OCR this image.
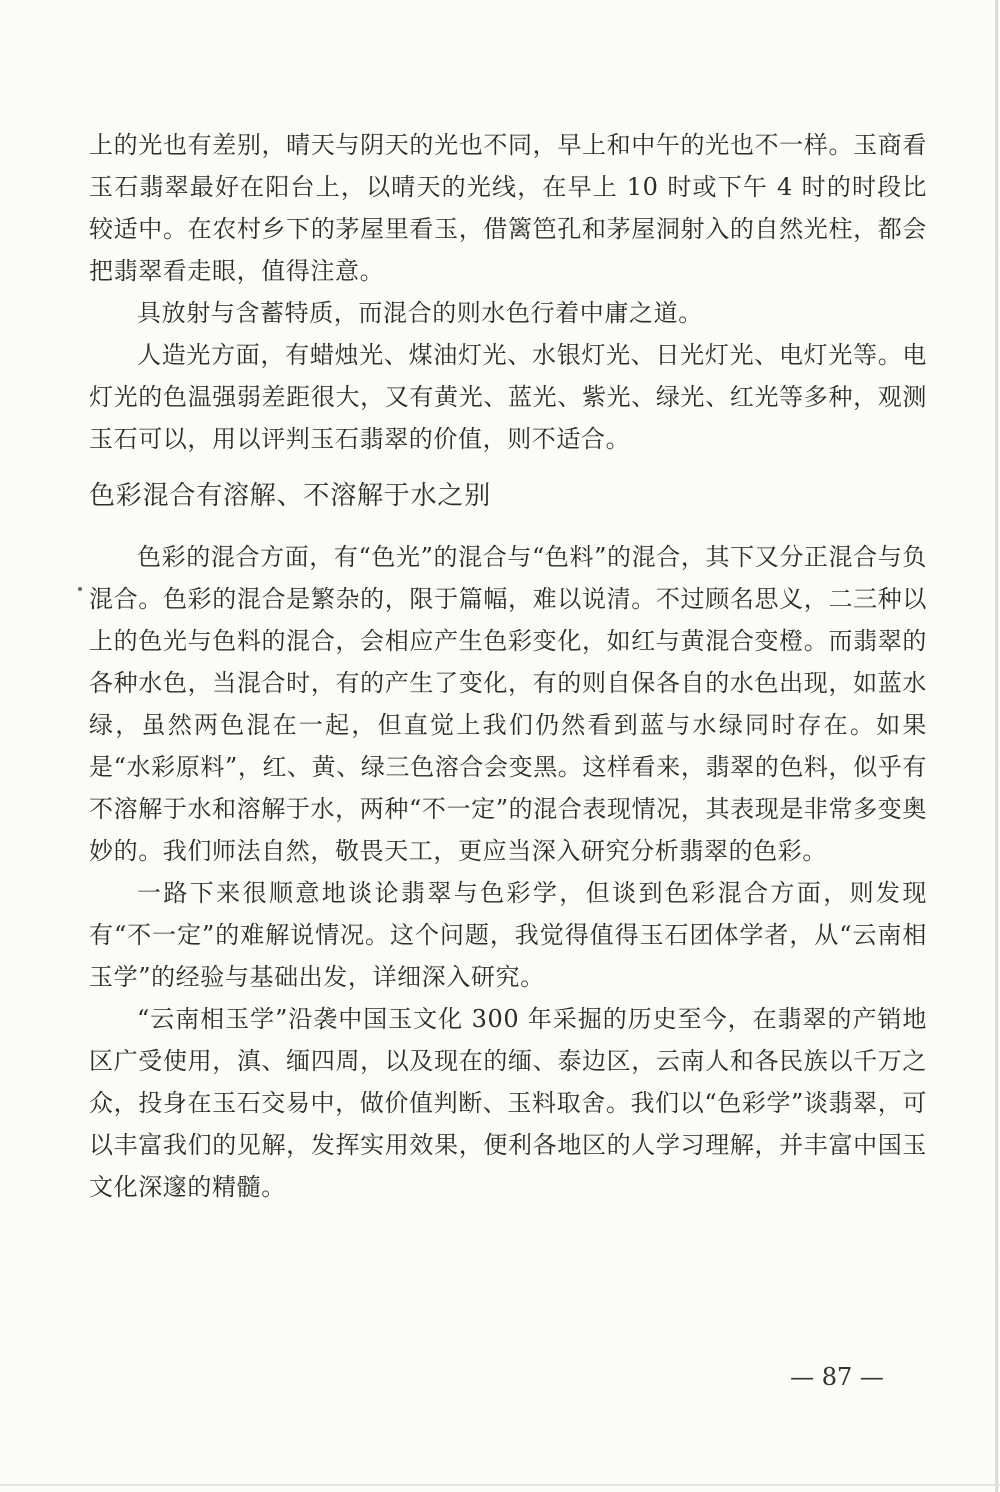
上的光也有差别，晴天与阴天的光也不同，早上和中午的光也不一样。玉商看玉石翡翠最好在阳台上，以晴天的光线，在早上 10 时或下午 4 时的时段比较适中。在农村乡下的茅屋里看玉，借篱笆孔和茅屋洞射入的自然光柱，都会把翡翠看走眼，值得注意。

具放射与含蓄特质，而混合的则水色行着中庸之道。

人造光方面，有蜡烛光、煤油灯光、水银灯光、日光灯光、电灯光等。电灯光的色温强弱差距很大，又有黄光、蓝光、紫光、绿光、红光等多种，观测玉石可以，用以评判玉石翡翠的价值，则不适合。

色彩混合有溶解、不溶解于水之别

色彩的混合方面，有“色光”的混合与“色料”的混合，其下又分正混合与负混合。色彩的混合是繁杂的，限于篇幅，难以说清。不过顾名思义，二三种以上的色光与色料的混合，会相应产生色彩变化，如红与黄混合变橙。而翡翠的各种水色，当混合时，有的产生了变化，有的则自保各自的水色出现，如蓝水绿，虽然两色混在一起，但直觉上我们仍然看到蓝与水绿同时存在。如果是“水彩原料”，红、黄、绿三色溶合会变黑。这样看来，翡翠的色料，似乎有不溶解于水和溶解于水，两种“不一定”的混合表现情况，其表现是非常多变奥妙的。我们师法自然，敬畏天工，更应当深入研究分析翡翠的色彩。

一路下来很顺意地谈论翡翠与色彩学，但谈到色彩混合方面，则发现有“不一定”的难解说情况。这个问题，我觉得值得玉石团体学者，从“云南相玉学”的经验与基础出发，详细深入研究。

“云南相玉学”沿袭中国玉文化 300 年采掘的历史至今，在翡翠的产销地区广受使用，滇、缅四周，以及现在的缅、泰边区，云南人和各民族以千万之众，投身在玉石交易中，做价值判断、玉料取舍。我们以“色彩学”谈翡翠，可以丰富我们的见解，发挥实用效果，便利各地区的人学习理解，并丰富中国玉文化深邃的精髓。

— 87 —
